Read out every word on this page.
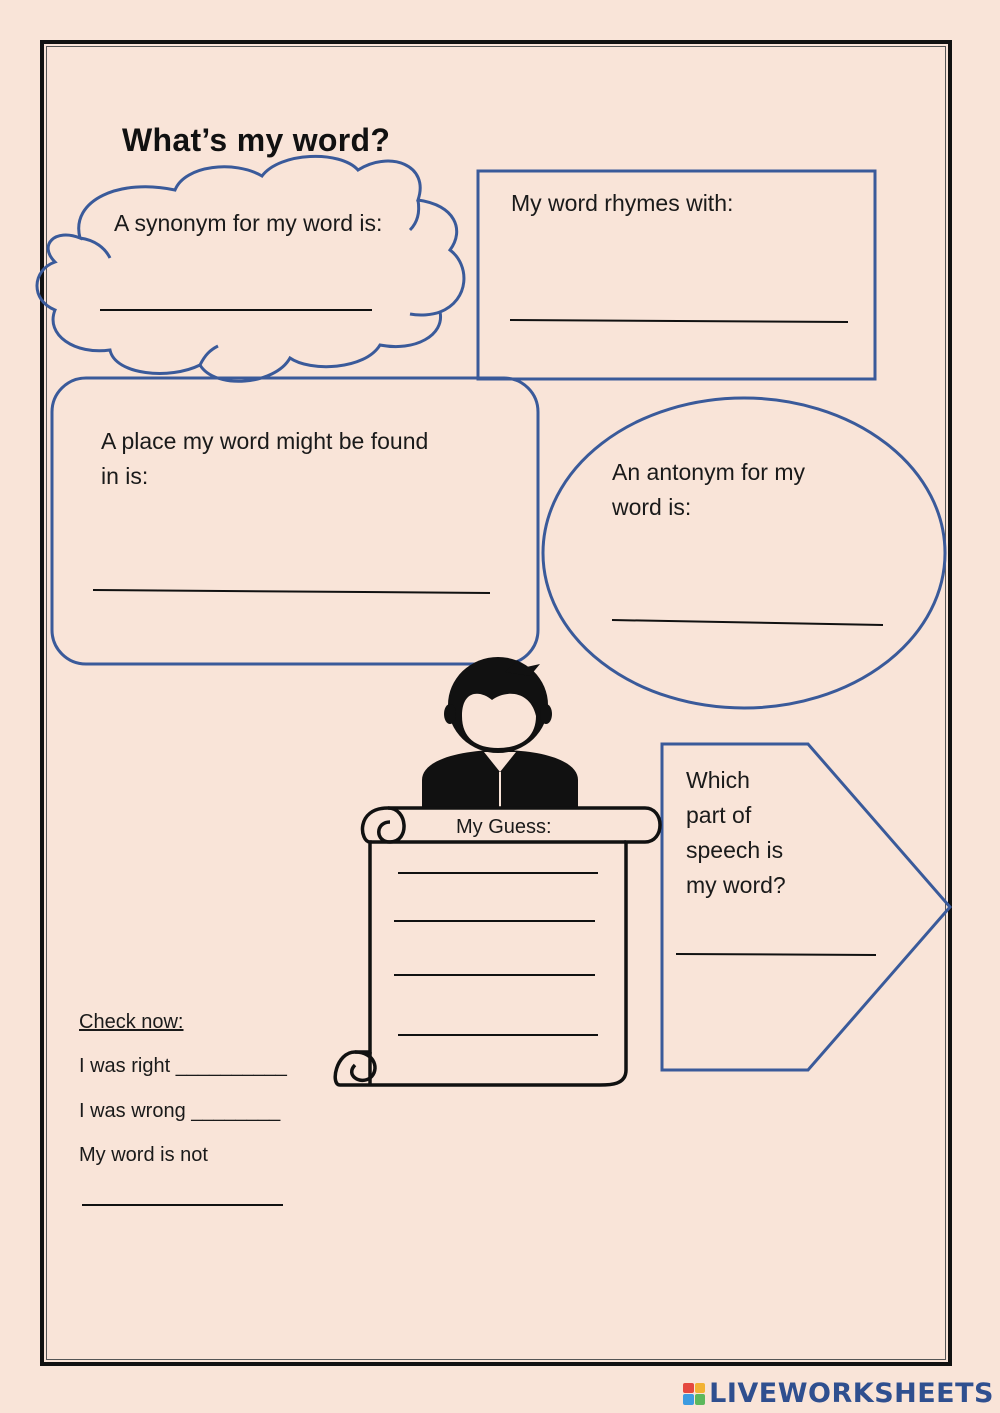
What’s my word?
A synonym for my word is:
My word rhymes with:
A place my word might be found
in is:	An antonym for my
word is:
My Guess:
Which
part of
speech is
my word?
Check now:
I was right __________
I was wrong ________
My word is not
LIVEWORKSHEETS
